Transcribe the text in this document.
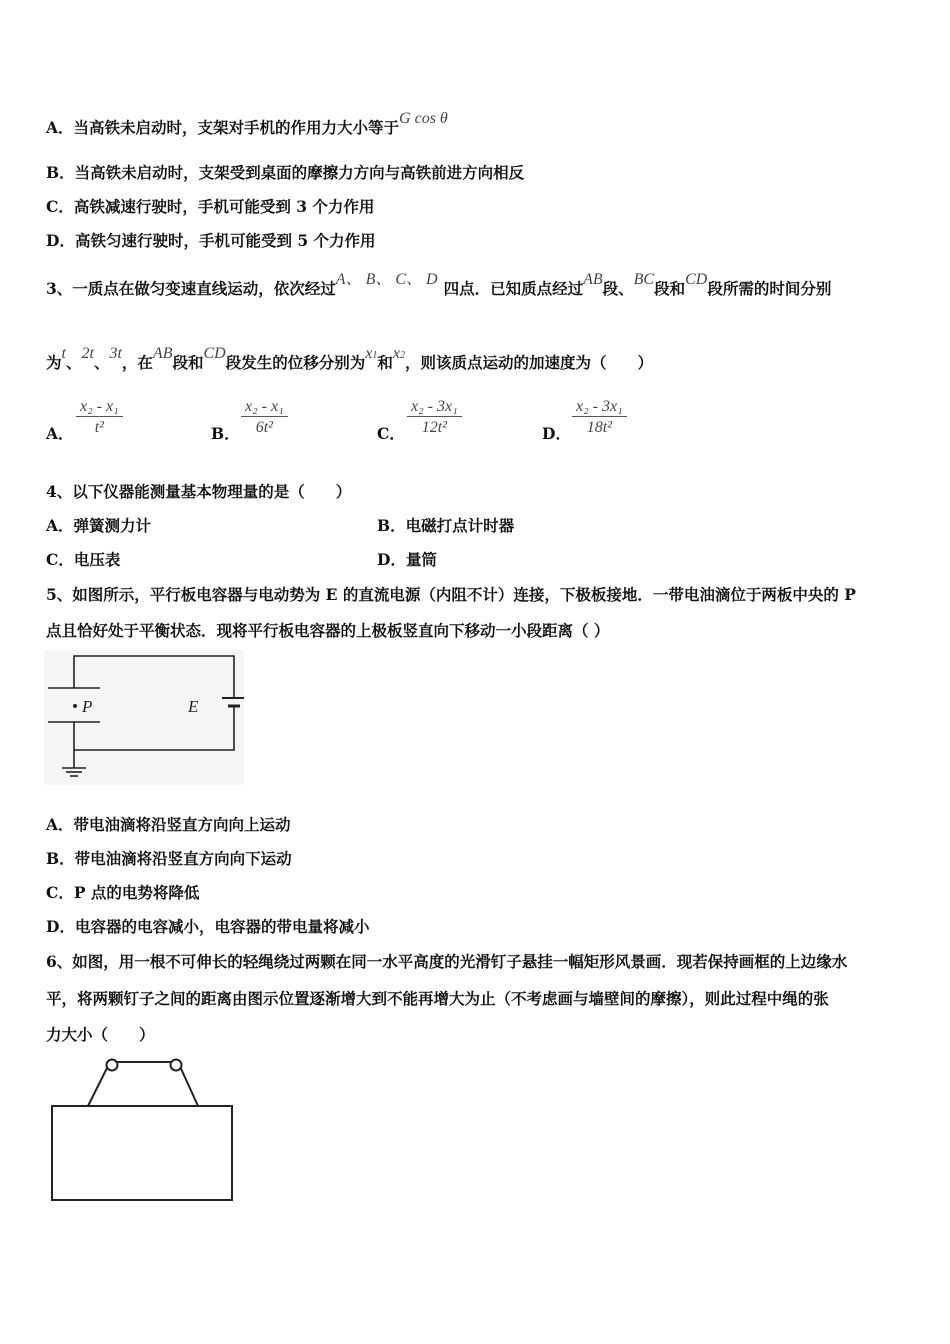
A．当高铁未启动时，支架对手机的作用力大小等于G cos θ
B．当高铁未启动时，支架受到桌面的摩擦力方向与高铁前进方向相反
C．高铁减速行驶时，手机可能受到 3 个力作用
D．高铁匀速行驶时，手机可能受到 5 个力作用
3、一质点在做匀变速直线运动，依次经过A、 B、 C、 D 四点．已知质点经过AB段、BC段和CD段所需的时间分别
为t、2t、3t，在AB段和CD段发生的位移分别为x1和x2，则该质点运动的加速度为（　　）
A． $\frac{\text{x₂ - x₁}}{\text{t²}}$	B． $\frac{\text{x₂ - x₁}}{\text{6t²}}$	C． $\frac{\text{x₂ - 3x₁}}{\text{12t²}}$	D． $\frac{\text{x₂ - 3x₁}}{\text{18t²}}$
4、以下仪器能测量基本物理量的是（　　）
A．弹簧测力计	B．电磁打点计时器
C．电压表	D．量筒
5、如图所示，平行板电容器与电动势为 E 的直流电源（内阻不计）连接，下极板接地．一带电油滴位于两板中央的 P
点且恰好处于平衡状态．现将平行板电容器的上极板竖直向下移动一小段距离（ ）
P	E
A．带电油滴将沿竖直方向向上运动
B．带电油滴将沿竖直方向向下运动
C．P 点的电势将降低
D．电容器的电容减小，电容器的带电量将减小
6、如图，用一根不可伸长的轻绳绕过两颗在同一水平高度的光滑钉子悬挂一幅矩形风景画．现若保持画框的上边缘水
平，将两颗钉子之间的距离由图示位置逐渐增大到不能再增大为止（不考虑画与墙壁间的摩擦），则此过程中绳的张
力大小（　　）
